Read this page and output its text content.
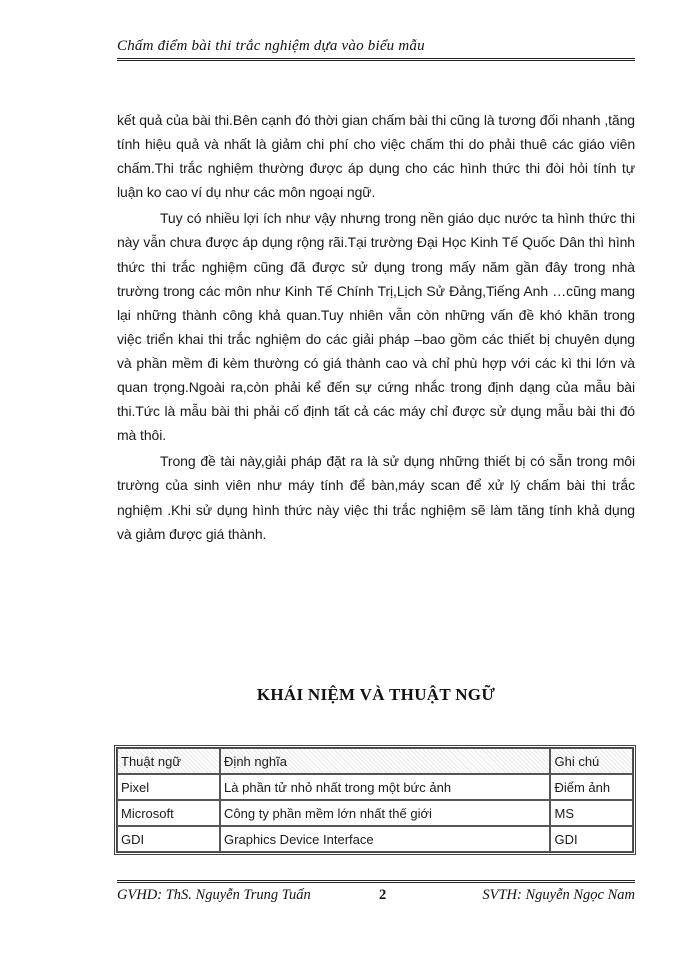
Chấm điểm bài thi trắc nghiệm dựa vào biểu mẫu

kết quả của bài thi.Bên cạnh đó thời gian chấm bài thi cũng là tương đối nhanh ,tăng tính hiệu quả và nhất là giảm chi phí cho việc chấm thi do phải thuê các giáo viên chấm.Thi trắc nghiệm thường được áp dụng cho các hình thức thi đòi hỏi tính tự luận ko cao ví dụ như các môn ngoại ngữ.

Tuy có nhiều lợi ích như vậy nhưng trong nền giáo dục nước ta hình thức thi này vẫn chưa được áp dụng rộng rãi.Tại trường Đại Học Kinh Tế Quốc Dân thì hình thức thi trắc nghiệm cũng đã được sử dụng trong mấy năm gần đây trong nhà trường trong các môn như Kinh Tế Chính Trị,Lịch Sử Đảng,Tiếng Anh …cũng mang lại những thành công khả quan.Tuy nhiên vẫn còn những vấn đề khó khăn trong việc triển khai thi trắc nghiệm do các giải pháp –bao gồm các thiết bị chuyên dụng và phần mềm đi kèm thường có giá thành cao và chỉ phù hợp với các kì thi lớn và quan trọng.Ngoài ra,còn phải kể đến sự cứng nhắc trong định dạng của mẫu bài thi.Tức là mẫu bài thi phải cố định tất cả các máy chỉ được sử dụng mẫu bài thi đó mà thôi.

Trong đề tài này,giải pháp đặt ra là sử dụng những thiết bị có sẵn trong môi trường của sinh viên như máy tính để bàn,máy scan để xử lý chấm bài thi trắc nghiệm .Khi sử dụng hình thức này việc thi trắc nghiệm sẽ làm tăng tính khả dụng và giảm được giá thành.

KHÁI NIỆM VÀ THUẬT NGỮ
Thuật ngữ	Định nghĩa	Ghi chú
Pixel	Là phần tử nhỏ nhất trong một bức ảnh	Điểm ảnh
Microsoft	Công ty phần mềm lớn nhất thế giới	MS
GDI	Graphics Device Interface	GDI
GVHD: ThS. Nguyễn Trung Tuấn	2	SVTH: Nguyễn Ngọc Nam
